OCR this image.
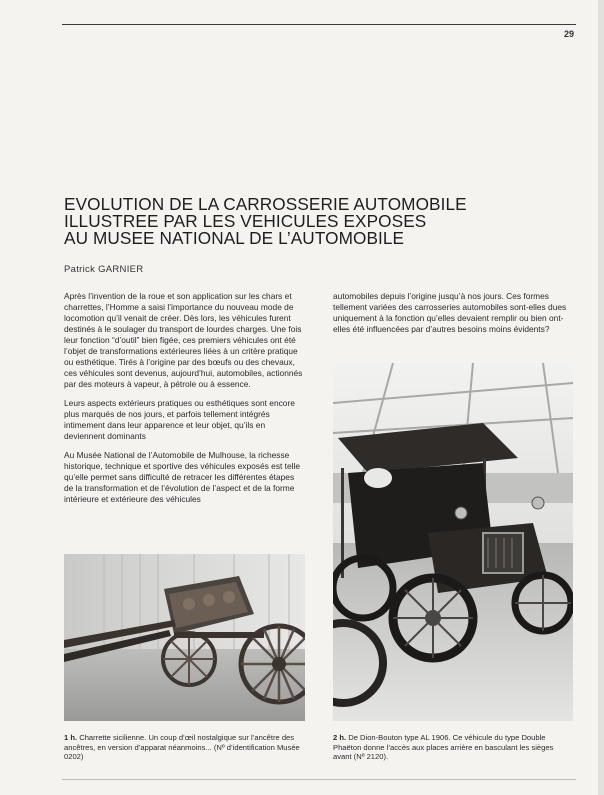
29
EVOLUTION DE LA CARROSSERIE AUTOMOBILE
ILLUSTREE PAR LES VEHICULES EXPOSES
AU MUSEE NATIONAL DE L’AUTOMOBILE
Patrick GARNIER

Après l’invention de la roue et son application sur les chars et charrettes, l’Homme a saisi l’importance du nouveau mode de locomotion qu’il venait de créer. Dès lors, les véhicules furent destinés à le soulager du transport de lourdes charges. Une fois leur fonction “d’outil” bien figée, ces premiers véhicules ont été l’objet de transformations extérieures liées à un critère pratique ou esthétique. Tirés à l’origine par des bœufs ou des chevaux, ces véhicules sont devenus, aujourd’hui, automobiles, actionnés par des moteurs à vapeur, à pétrole ou à essence.

Leurs aspects extérieurs pratiques ou esthétiques sont encore plus marqués de nos jours, et parfois tellement intégrés intimement dans leur apparence et leur objet, qu’ils en deviennent dominants

Au Musée National de l’Automobile de Mulhouse, la richesse historique, technique et sportive des véhicules exposés est telle qu’elle permet sans difficulté de retracer les différentes étapes de la transformation et de l’évolution de l’aspect et de la forme intérieure et extérieure des véhicules

automobiles depuis l’origine jusqu’à nos jours. Ces formes tellement variées des carrosseries automobiles sont-elles dues uniquement à la fonction qu’elles devaient remplir ou bien ont-elles été influencées par d’autres besoins moins évidents?

1 h. Charrette sicilienne. Un coup d’œil nostalgique sur l’ancêtre des ancêtres, en version d’apparat néanmoins... (Nº d’identification Musée 0202)
2 h. De Dion-Bouton type AL 1906. Ce véhicule du type Double Phaëton donne l’accès aux places arrière en basculant les sièges avant (Nº 2120).
